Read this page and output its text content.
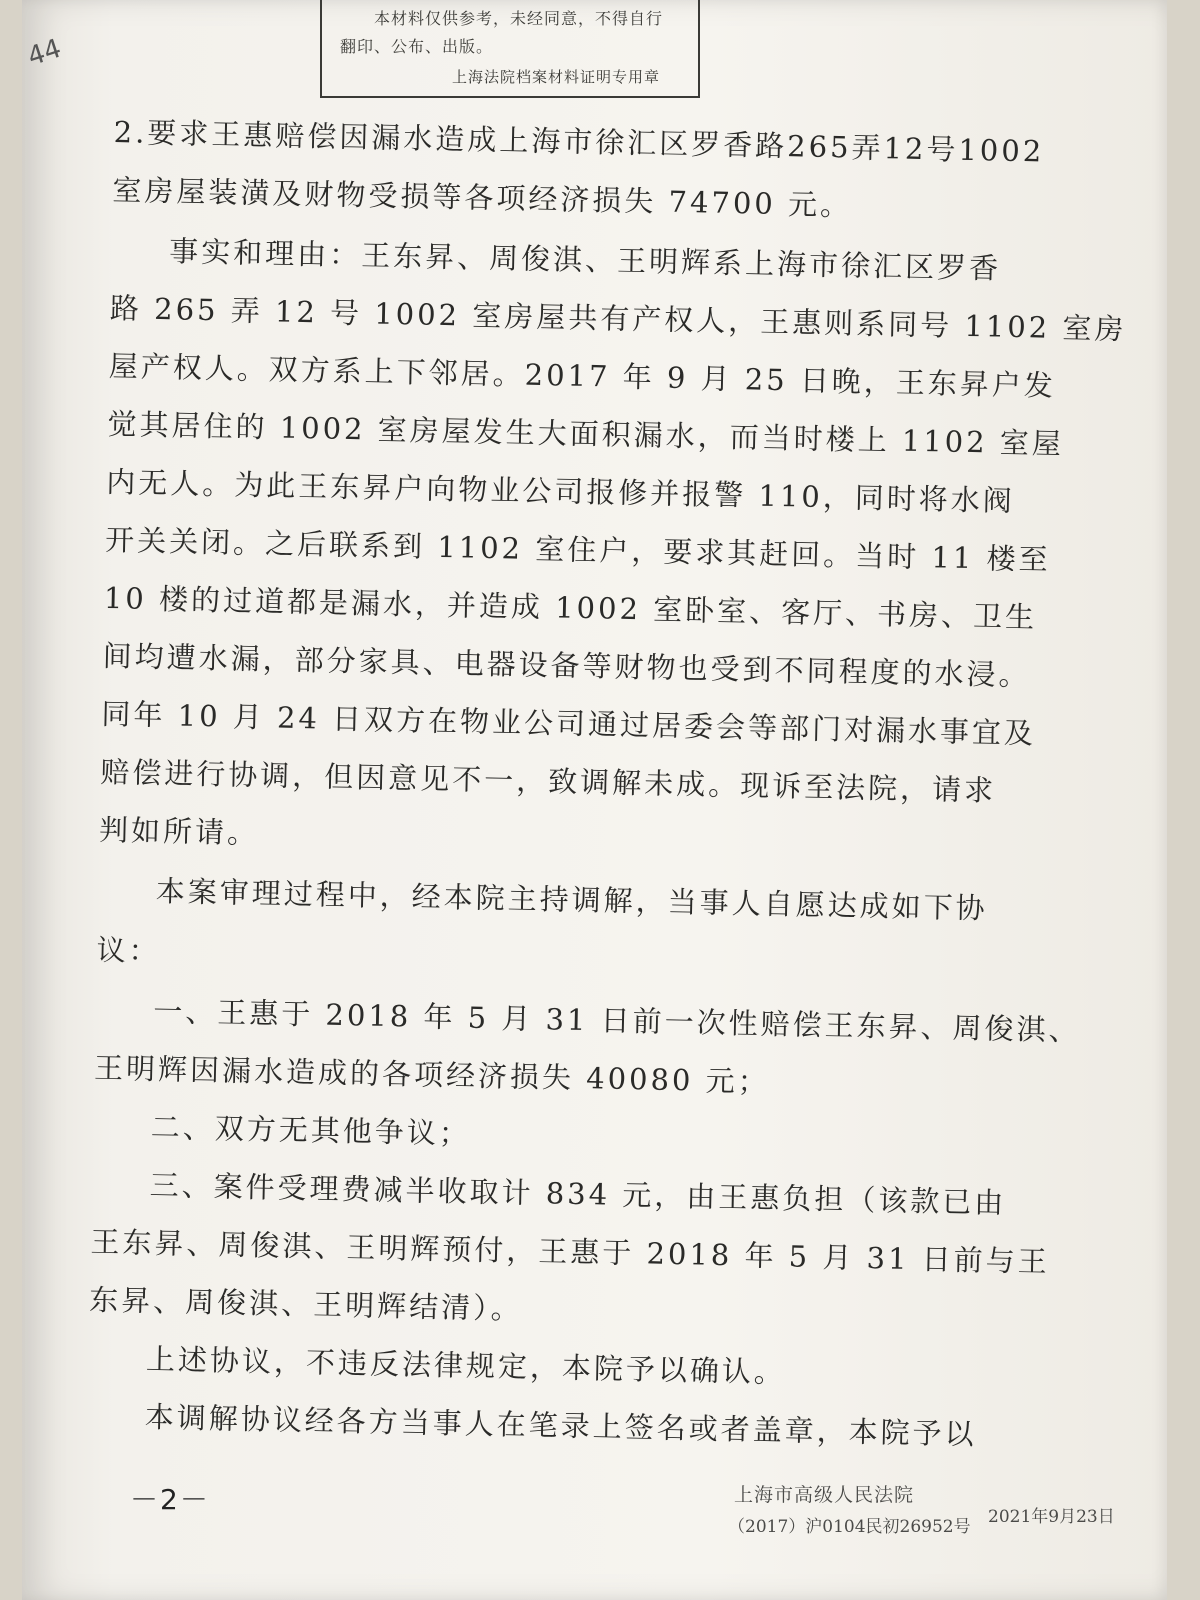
44
本材料仅供参考，未经同意，不得自行
翻印、公布、出版。
上海法院档案材料证明专用章
2.要求王惠赔偿因漏水造成上海市徐汇区罗香路265弄12号1002
室房屋装潢及财物受损等各项经济损失 74700 元。
事实和理由：王东昇、周俊淇、王明辉系上海市徐汇区罗香
路 265 弄 12 号 1002 室房屋共有产权人，王惠则系同号 1102 室房
屋产权人。双方系上下邻居。2017 年 9 月 25 日晚，王东昇户发
觉其居住的 1002 室房屋发生大面积漏水，而当时楼上 1102 室屋
内无人。为此王东昇户向物业公司报修并报警 110，同时将水阀
开关关闭。之后联系到 1102 室住户，要求其赶回。当时 11 楼至
10 楼的过道都是漏水，并造成 1002 室卧室、客厅、书房、卫生
间均遭水漏，部分家具、电器设备等财物也受到不同程度的水浸。
同年 10 月 24 日双方在物业公司通过居委会等部门对漏水事宜及
赔偿进行协调，但因意见不一，致调解未成。现诉至法院，请求
判如所请。
本案审理过程中，经本院主持调解，当事人自愿达成如下协
议：
一、王惠于 2018 年 5 月 31 日前一次性赔偿王东昇、周俊淇、
王明辉因漏水造成的各项经济损失 40080 元；
二、双方无其他争议；
三、案件受理费减半收取计 834 元，由王惠负担（该款已由
王东昇、周俊淇、王明辉预付，王惠于 2018 年 5 月 31 日前与王
东昇、周俊淇、王明辉结清）。
上述协议，不违反法律规定，本院予以确认。
本调解协议经各方当事人在笔录上签名或者盖章，本院予以
－2－	上海市高级人民法院
（2017）沪0104民初26952号 2021年9月23日
